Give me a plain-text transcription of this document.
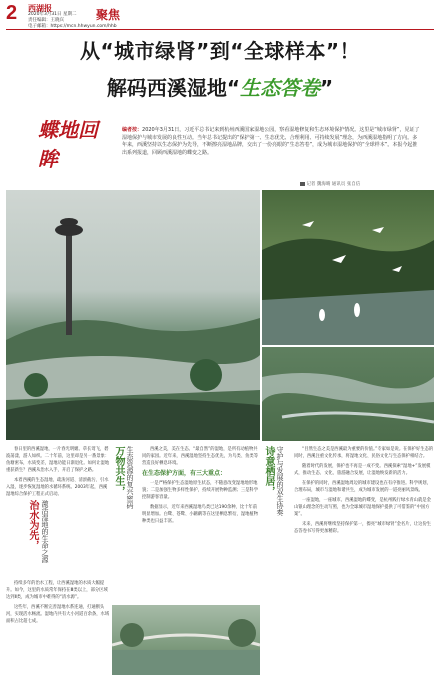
2 西湖报
2020年3月31日 星期二
责任编辑：王晓宾
电子邮箱：https://mcn.hhwyun.com/hhb
聚焦
从“城市绿肾”到“全球样本”！
解码西溪湿地“生态答卷”
蝶地回眸
编者按：2020年3月31日，习近平总书记来到杭州西溪国家湿地公园，察看湿地修复和生态环境保护情况。这里是“城市绿肾”，见证了湿地保护与城市发展的良性互动。当年总书记提出的“保护第一、生态优先、合理利用、可持续发展”理念，为西溪湿地指明了方向。多年来，西溪坚持以生态保护为先导，不断擦亮湿地品牌，交出了一份亮眼的“生态答卷”，成为城市湿地保护的“全球样本”。本报今起推出系列报道，回顾西溪湿地的蝶变之路。
记者 魏海晴 通讯员 张自信

春日里的西溪湿地，一片春光明媚。草长莺飞，碧波荡漾，游人如织。二十年前，这里却是另一番景象：鱼塘密布，水质变差，湿地功能日渐退化。如何让湿地重获新生？西溪从治水入手，开启了保护之路。

本着西溪的生态湿地，疏浚河道、清淤截污、引水入湿，逐步恢复湿地的水循环系统。2003年起，西溪湿地综合保护工程正式启动。

治水为先， 激活湿地的生命之源

持续多年的治水工程，让西溪湿地的水质大幅提升。如今，这里的水质常年保持在Ⅲ类以上，部分区域达到Ⅱ类，成为城市中难得的“清水源”。

这些年，西溪不断完善湿地水系连通，打通断头河，实现活水畅流。湿地内共有大小河道百余条，水域面积占比超七成。

万物共生， 生态资源的复兴密码	西溪之美，美在生态。“最自然”的湿地，是所有动植物共同的家园。近年来，西溪湿地坚持生态优先，为鸟类、鱼类等营造良好栖息环境。

在生态保护方面，有三大重点：

一是严格保护生态湿地原生状态，不随意改变湿地地形地貌；二是加强生物多样性保护，持续开展物种监测；三是科学控制游客容量。

数据显示，近年来西溪湿地鸟类已达190余种，比十年前明显增加。白鹭、苍鹭、小䴙䴘等在这里栖息繁衍，湿地植物种类也日益丰富。

诗意栖居， 守护与发展的双生协奏	“目然生态之美是西溪最为重要的价值。”专家如是说。在保护好生态的同时，西溪注重文化传承，将湿地文化、民俗文化与生态保护相结合。

随着时代的发展，保护也不再是一成不变。西溪探索“湿地+”发展模式，推动生态、文化、旅游融合发展，让湿地焕发新的活力。

在保护的同时，西溪湿地周边的城市建设也在有序推进。科学规划，合理布局，城市与湿地和谐共生，成为城市发展的一道亮丽风景线。

一座湿地，一座城市。西溪湿地的蝶变，是杭州践行绿水青山就是金山银山理念的生动写照，也为全球城市湿地保护提供了可借鉴的“中国方案”。

未来，西溪将继续坚持保护第一，擦亮“城市绿肾”金名片，让这份生态答卷书写得更加精彩。
